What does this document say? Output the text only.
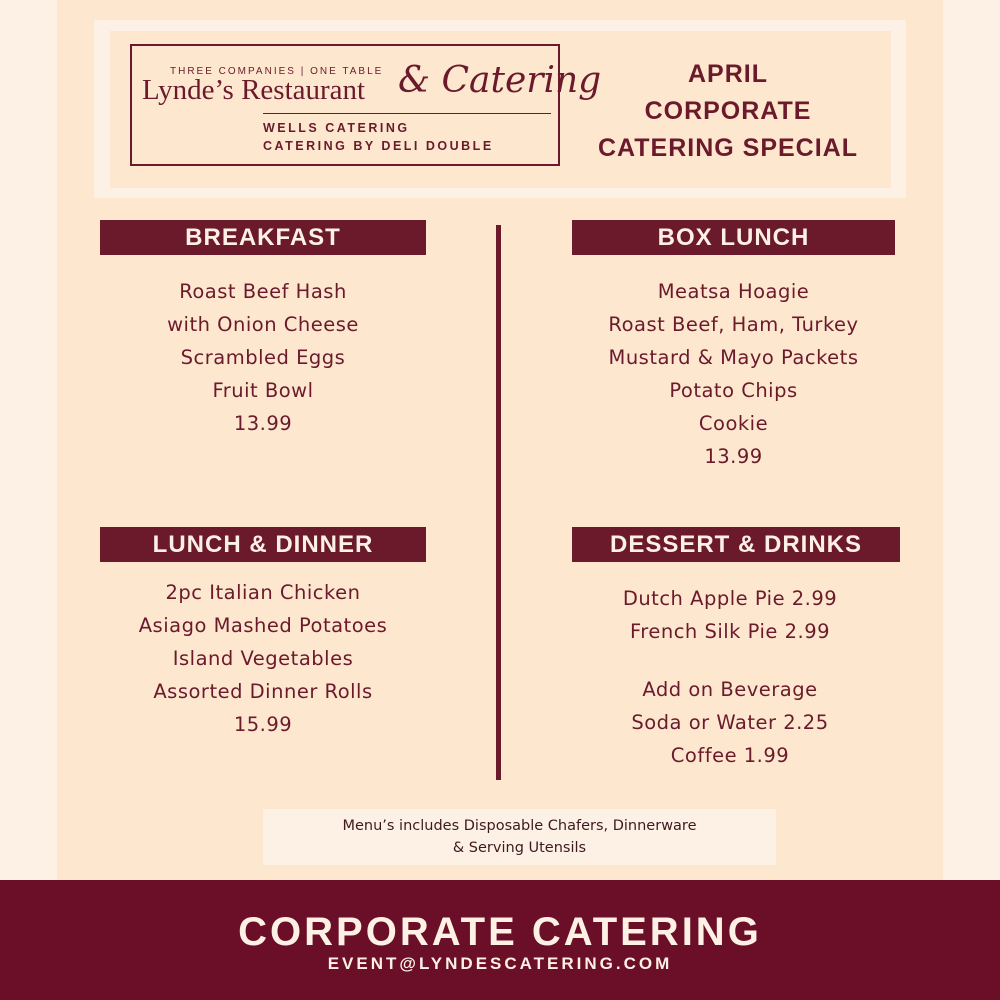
THREE COMPANIES | ONE TABLE
Lynde’s Restaurant & Catering
WELLS CATERING
CATERING BY DELI DOUBLE
APRIL
CORPORATE
CATERING SPECIAL
BREAKFAST
Roast Beef Hash
with Onion Cheese
Scrambled Eggs
Fruit Bowl
13.99
BOX LUNCH
Meatsa Hoagie
Roast Beef, Ham, Turkey
Mustard & Mayo Packets
Potato Chips
Cookie
13.99
LUNCH & DINNER
2pc Italian Chicken
Asiago Mashed Potatoes
Island Vegetables
Assorted Dinner Rolls
15.99
DESSERT & DRINKS
Dutch Apple Pie 2.99
French Silk Pie 2.99
Add on Beverage
Soda or Water 2.25
Coffee 1.99
Menu’s includes Disposable Chafers, Dinnerware
& Serving Utensils
CORPORATE CATERING
EVENT@LYNDESCATERING.COM
